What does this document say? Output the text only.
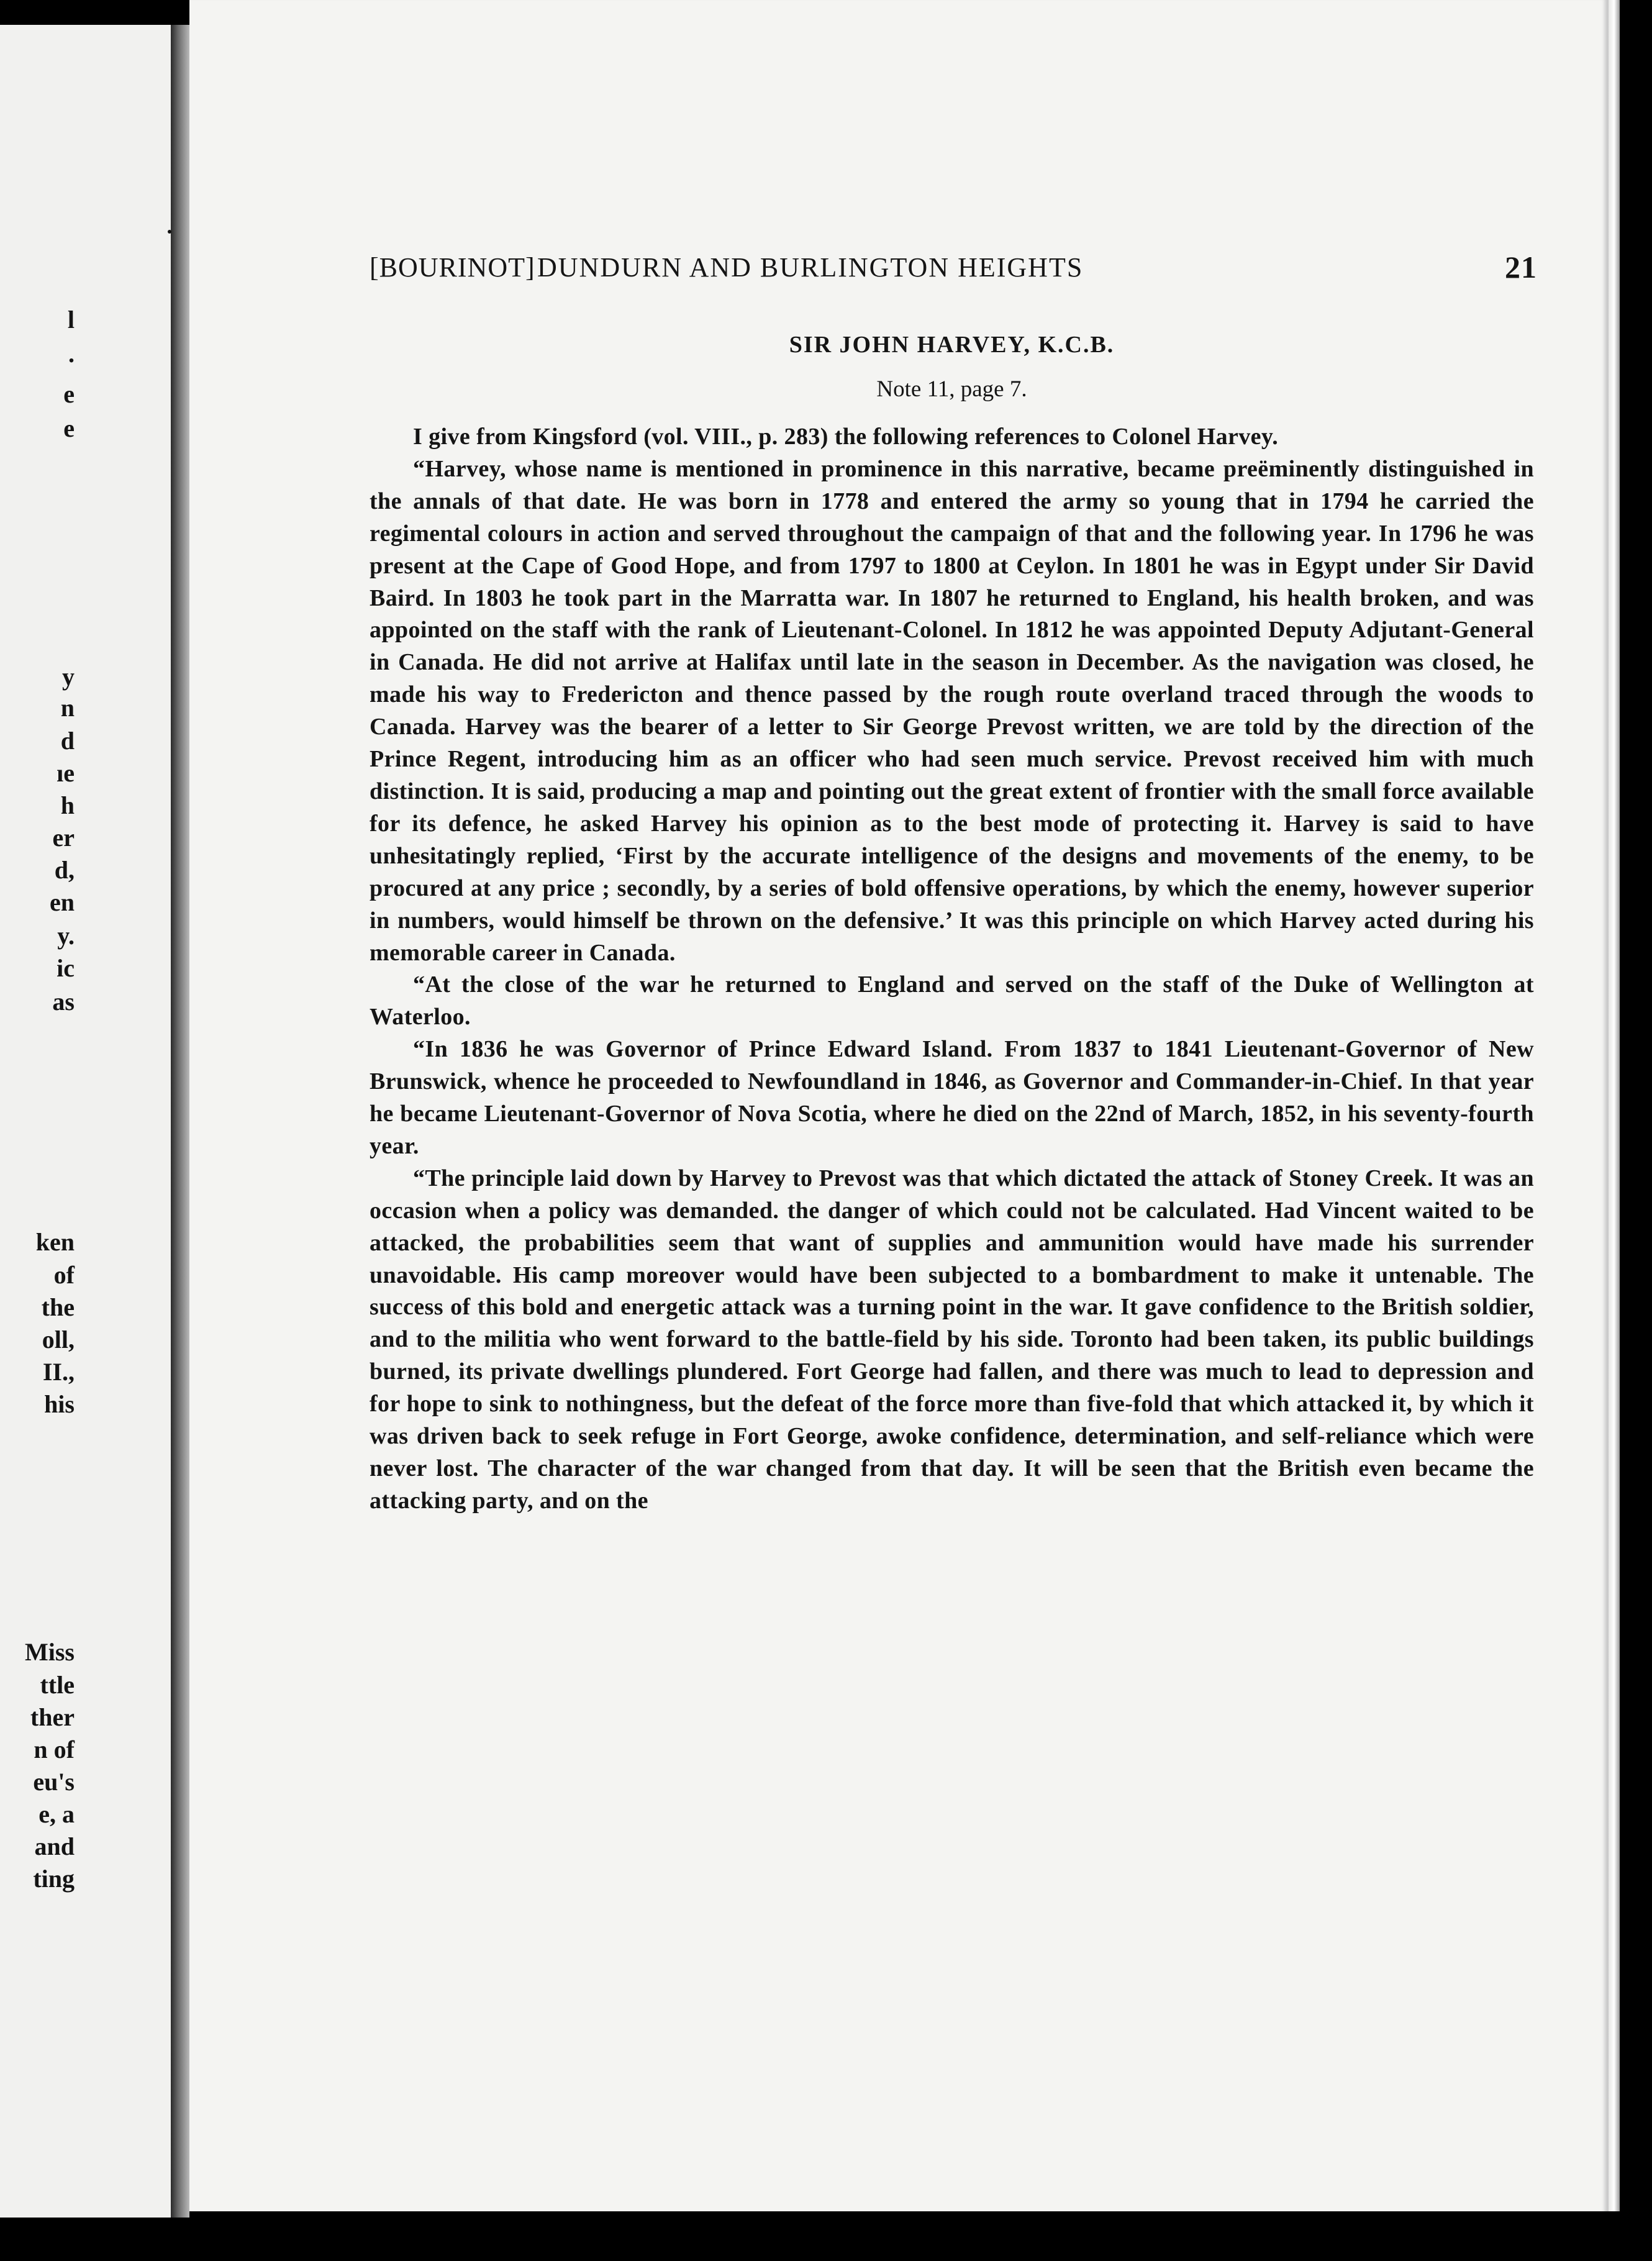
l
.
e
e
y
n
d
ıe
h
er
d,
en
y.
ic
as
ken
of
the
oll,
II.,
his
Miss
ttle
ther
n of
eu's
e, a
and
ting
[BOURINOT] DUNDURN AND BURLINGTON HEIGHTS	21
SIR JOHN HARVEY, K.C.B.
Note 11, page 7.

I give from Kingsford (vol. VIII., p. 283) the following references to Colonel Harvey.

“Harvey, whose name is mentioned in prominence in this narrative, became preëminently distinguished in the annals of that date. He was born in 1778 and entered the army so young that in 1794 he carried the regimental colours in action and served throughout the campaign of that and the following year. In 1796 he was present at the Cape of Good Hope, and from 1797 to 1800 at Ceylon. In 1801 he was in Egypt under Sir David Baird. In 1803 he took part in the Marratta war. In 1807 he returned to England, his health broken, and was appointed on the staff with the rank of Lieutenant-Colonel. In 1812 he was appointed Deputy Adjutant-General in Canada. He did not arrive at Halifax until late in the season in December. As the navigation was closed, he made his way to Fredericton and thence passed by the rough route overland traced through the woods to Canada. Harvey was the bearer of a letter to Sir George Prevost written, we are told by the direction of the Prince Regent, introducing him as an officer who had seen much service. Prevost received him with much distinction. It is said, producing a map and pointing out the great extent of frontier with the small force available for its defence, he asked Harvey his opinion as to the best mode of protecting it. Harvey is said to have unhesitatingly replied, ‘First by the accurate intelligence of the designs and movements of the enemy, to be procured at any price ; secondly, by a series of bold offensive operations, by which the enemy, however superior in numbers, would himself be thrown on the defensive.’ It was this principle on which Harvey acted during his memorable career in Canada.

“At the close of the war he returned to England and served on the staff of the Duke of Wellington at Waterloo.

“In 1836 he was Governor of Prince Edward Island. From 1837 to 1841 Lieutenant-Governor of New Brunswick, whence he proceeded to Newfoundland in 1846, as Governor and Commander-in-Chief. In that year he became Lieutenant-Governor of Nova Scotia, where he died on the 22nd of March, 1852, in his seventy-fourth year.

“The principle laid down by Harvey to Prevost was that which dictated the attack of Stoney Creek. It was an occasion when a policy was demanded. the danger of which could not be calculated. Had Vincent waited to be attacked, the probabilities seem that want of supplies and ammunition would have made his surrender unavoidable. His camp moreover would have been subjected to a bombardment to make it untenable. The success of this bold and energetic attack was a turning point in the war. It gave confidence to the British soldier, and to the militia who went forward to the battle-field by his side. Toronto had been taken, its public buildings burned, its private dwellings plundered. Fort George had fallen, and there was much to lead to depression and for hope to sink to nothingness, but the defeat of the force more than five-fold that which attacked it, by which it was driven back to seek refuge in Fort George, awoke confidence, determination, and self-reliance which were never lost. The character of the war changed from that day. It will be seen that the British even became the attacking party, and on the
